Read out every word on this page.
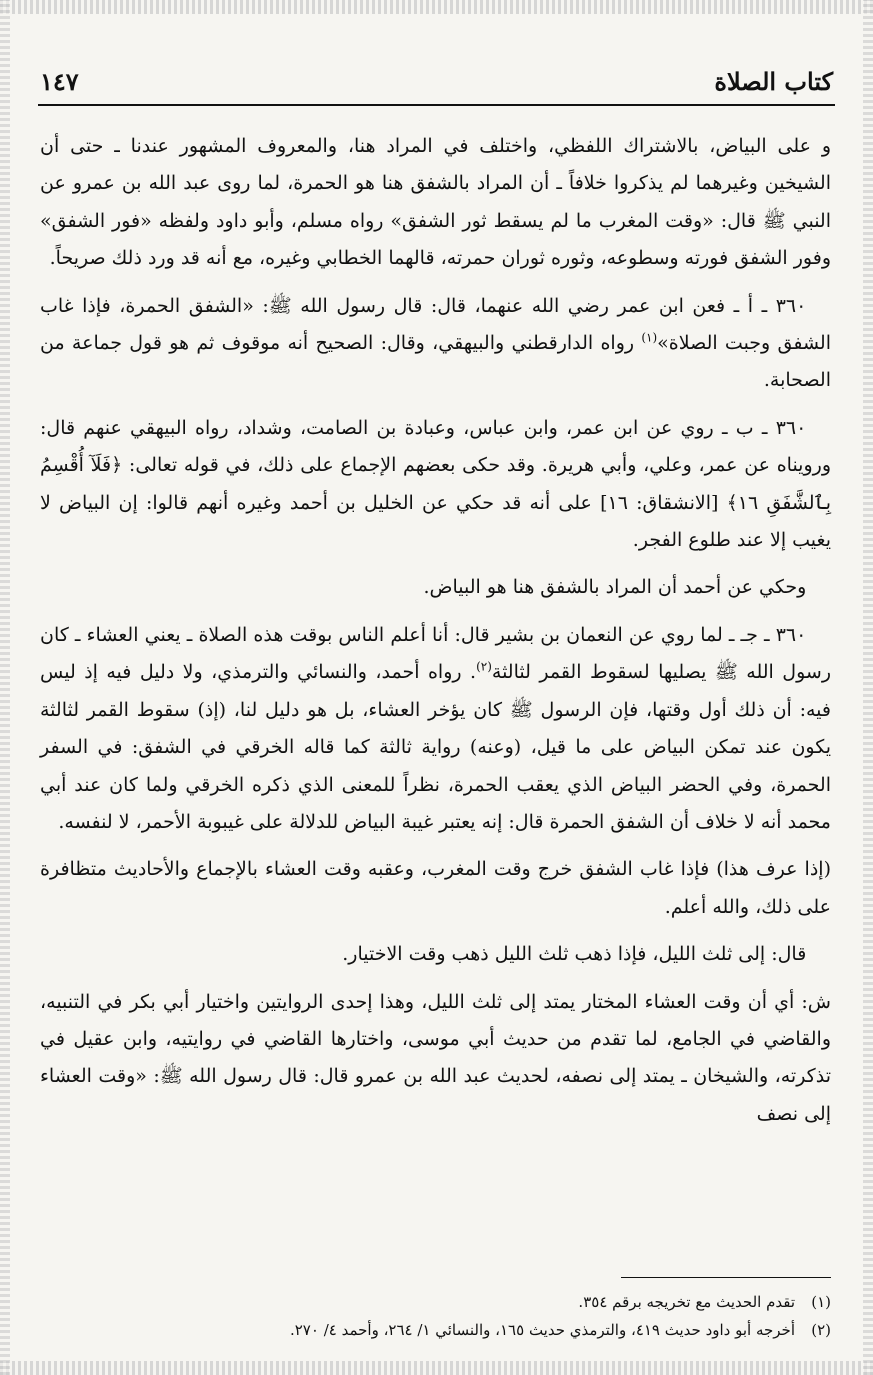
كتاب الصلاة
١٤٧

و على البياض، بالاشتراك اللفظي، واختلف في المراد هنا، والمعروف المشهور عندنا ـ حتى أن الشيخين وغيرهما لم يذكروا خلافاً ـ أن المراد بالشفق هنا هو الحمرة، لما روى عبد الله بن عمرو عن النبي ﷺ قال: «وقت المغرب ما لم يسقط ثور الشفق» رواه مسلم، وأبو داود ولفظه «فور الشفق» وفور الشفق فورته وسطوعه، وثوره ثوران حمرته، قالهما الخطابي وغيره، مع أنه قد ورد ذلك صريحاً.

٣٦٠ ـ أ ـ فعن ابن عمر رضي الله عنهما، قال: قال رسول الله ﷺ: «الشفق الحمرة، فإذا غاب الشفق وجبت الصلاة»$^{(١)}$ رواه الدارقطني والبيهقي، وقال: الصحيح أنه موقوف ثم هو قول جماعة من الصحابة.

٣٦٠ ـ ب ـ روي عن ابن عمر، وابن عباس، وعبادة بن الصامت، وشداد، رواه البيهقي عنهم قال: ورويناه عن عمر، وعلي، وأبي هريرة. وقد حكى بعضهم الإجماع على ذلك، في قوله تعالى: ﴿فَلَآ أُقْسِمُ بِٱلشَّفَقِ ١٦﴾ [الانشقاق: ١٦] على أنه قد حكي عن الخليل بن أحمد وغيره أنهم قالوا: إن البياض لا يغيب إلا عند طلوع الفجر.

وحكي عن أحمد أن المراد بالشفق هنا هو البياض.

٣٦٠ ـ جـ ـ لما روي عن النعمان بن بشير قال: أنا أعلم الناس بوقت هذه الصلاة ـ يعني العشاء ـ كان رسول الله ﷺ يصليها لسقوط القمر لثالثة$^{(٢)}$. رواه أحمد، والنسائي والترمذي، ولا دليل فيه إذ ليس فيه: أن ذلك أول وقتها، فإن الرسول ﷺ كان يؤخر العشاء، بل هو دليل لنا، (إذ) سقوط القمر لثالثة يكون عند تمكن البياض على ما قيل، (وعنه) رواية ثالثة كما قاله الخرقي في الشفق: في السفر الحمرة، وفي الحضر البياض الذي يعقب الحمرة، نظراً للمعنى الذي ذكره الخرقي ولما كان عند أبي محمد أنه لا خلاف أن الشفق الحمرة قال: إنه يعتبر غيبة البياض للدلالة على غيبوبة الأحمر، لا لنفسه.

(إذا عرف هذا) فإذا غاب الشفق خرج وقت المغرب، وعقبه وقت العشاء بالإجماع والأحاديث متظافرة على ذلك، والله أعلم.

قال: إلى ثلث الليل، فإذا ذهب ثلث الليل ذهب وقت الاختيار.

ش: أي أن وقت العشاء المختار يمتد إلى ثلث الليل، وهذا إحدى الروايتين واختيار أبي بكر في التنبيه، والقاضي في الجامع، لما تقدم من حديث أبي موسى، واختارها القاضي في روايتيه، وابن عقيل في تذكرته، والشيخان ـ يمتد إلى نصفه، لحديث عبد الله بن عمرو قال: قال رسول الله ﷺ: «وقت العشاء إلى نصف

(١)تقدم الحديث مع تخريجه برقم ٣٥٤.

(٢)أخرجه أبو داود حديث ٤١٩، والترمذي حديث ١٦٥، والنسائي ١/ ٢٦٤، وأحمد ٤/ ٢٧٠.
